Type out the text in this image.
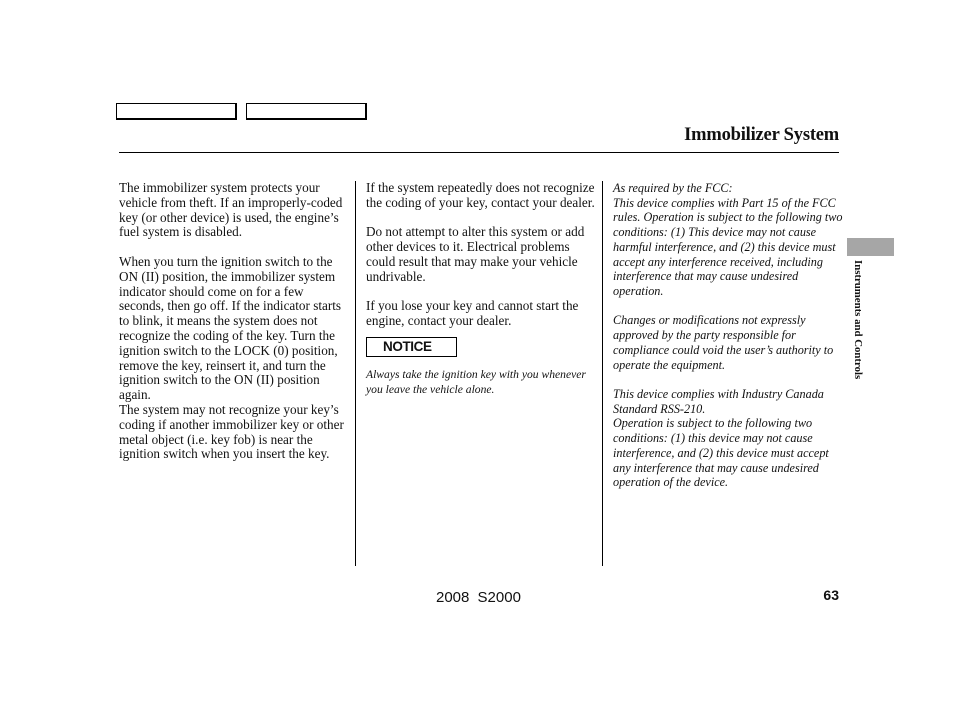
Immobilizer System

The immobilizer system protects your vehicle from theft. If an improperly-coded key (or other device) is used, the engine’s fuel system is disabled.

When you turn the ignition switch to the ON (II) position, the immobilizer system indicator should come on for a few seconds, then go off. If the indicator starts to blink, it means the system does not recognize the coding of the key. Turn the ignition switch to the LOCK (0) position, remove the key, reinsert it, and turn the ignition switch to the ON (II) position again.

The system may not recognize your key’s coding if another immobilizer key or other metal object (i.e. key fob) is near the ignition switch when you insert the key.

If the system repeatedly does not recognize the coding of your key, contact your dealer.

Do not attempt to alter this system or add other devices to it. Electrical problems could result that may make your vehicle undrivable.

If you lose your key and cannot start the engine, contact your dealer.

NOTICE

Always take the ignition key with you whenever you leave the vehicle alone.

As required by the FCC:

This device complies with Part 15 of the FCC rules. Operation is subject to the following two conditions: (1) This device may not cause harmful interference, and (2) this device must accept any interference received, including interference that may cause undesired operation.

Changes or modifications not expressly approved by the party responsible for compliance could void the user’s authority to operate the equipment.

This device complies with Industry Canada Standard RSS-210.

Operation is subject to the following two conditions: (1) this device may not cause interference, and (2) this device must accept any interference that may cause undesired operation of the device.

Instruments and Controls
2008 S2000	63
